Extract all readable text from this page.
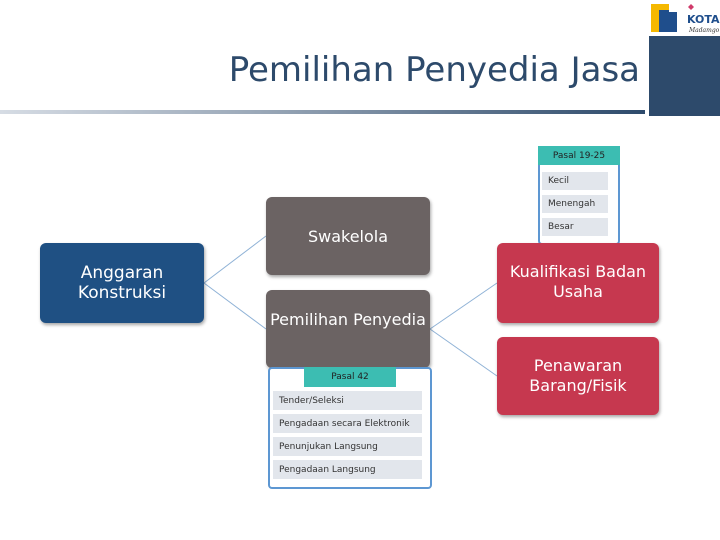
KOTA
Madamgo
Pemilihan Penyedia Jasa
Anggaran Konstruksi
Swakelola
Pemilihan Penyedia
Pasal 19-25
Kecil
Menengah
Besar
Kualifikasi Badan Usaha
Penawaran Barang/Fisik
Pasal 42
Tender/Seleksi
Pengadaan secara Elektronik
Penunjukan Langsung
Pengadaan Langsung
